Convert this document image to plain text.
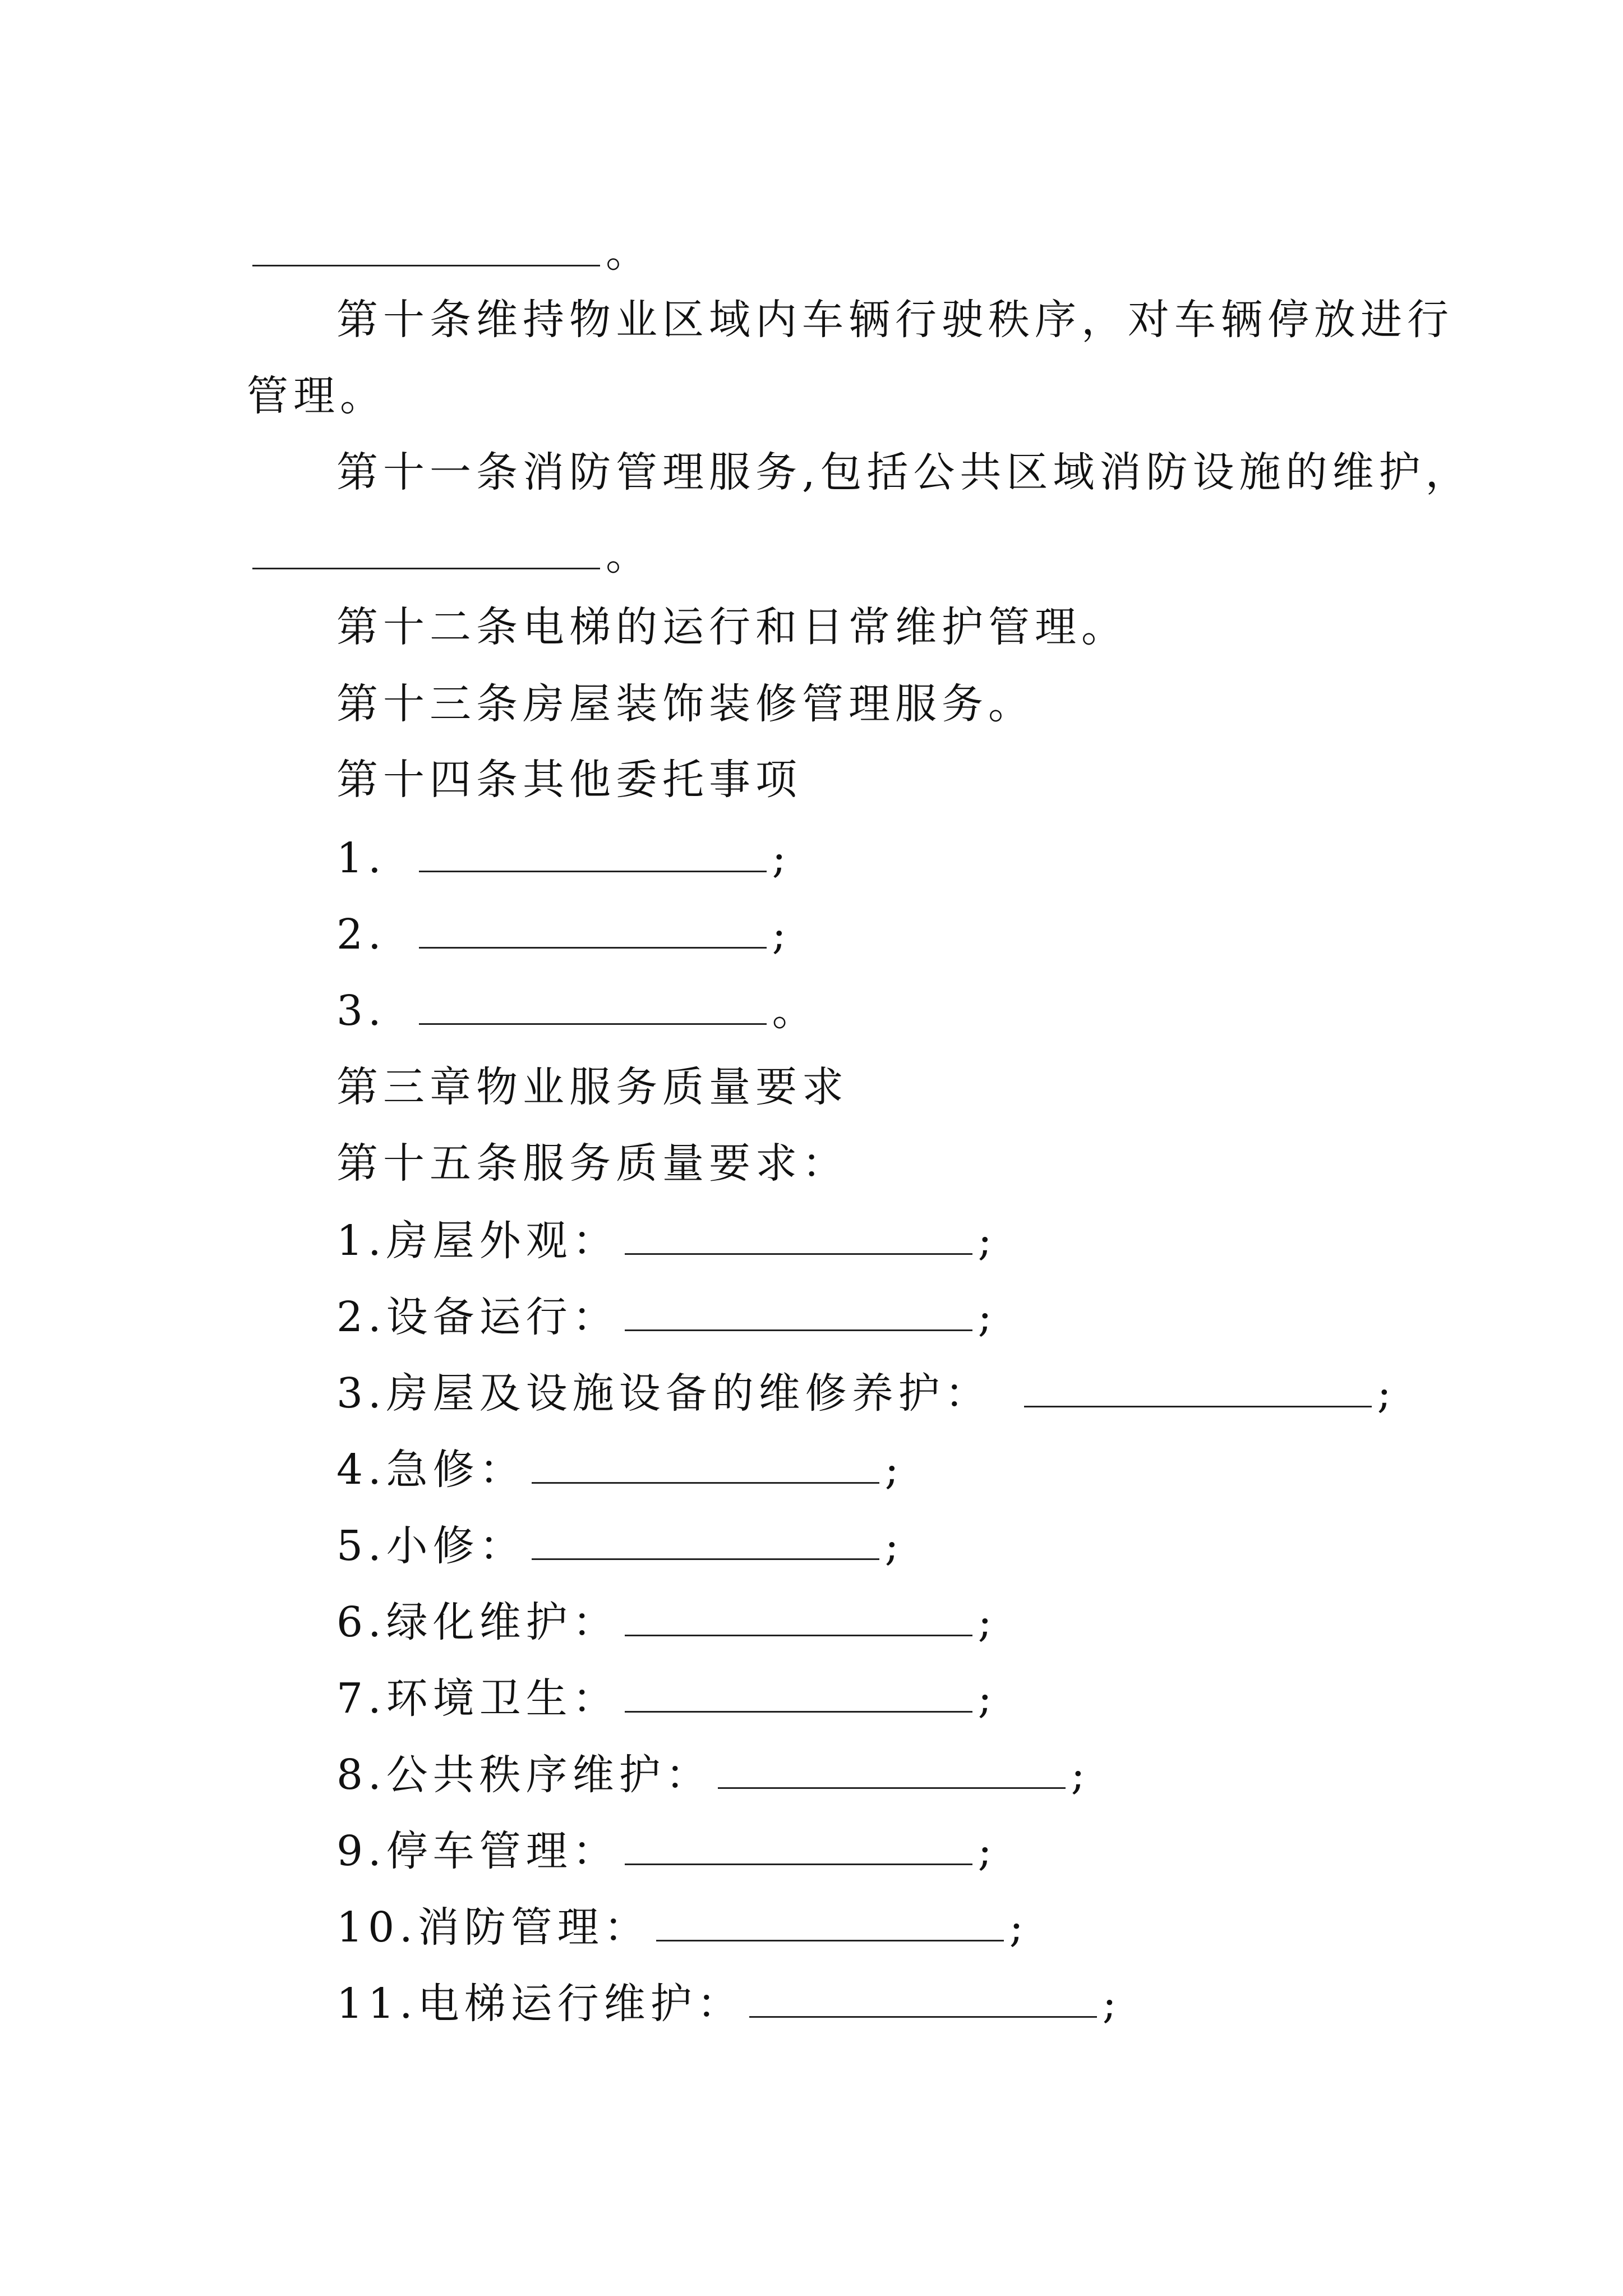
。
第十条维持物业区域内车辆行驶秩序，对车辆停放进行
管理。
第十一条消防管理服务,包括公共区域消防设施的维护，
。
第十二条电梯的运行和日常维护管理。
第十三条房屋装饰装修管理服务。
第十四条其他委托事项
1.	;
2.	;
3.	。
第三章物业服务质量要求
第十五条服务质量要求：
1.房屋外观：	;
2.设备运行：	;
3.房屋及设施设备的维修养护：	;
4.急修：	;
5.小修：	;
6.绿化维护：	;
7.环境卫生：	;
8.公共秩序维护：	;
9.停车管理：	;
10.消防管理：	;
11.电梯运行维护：	;
